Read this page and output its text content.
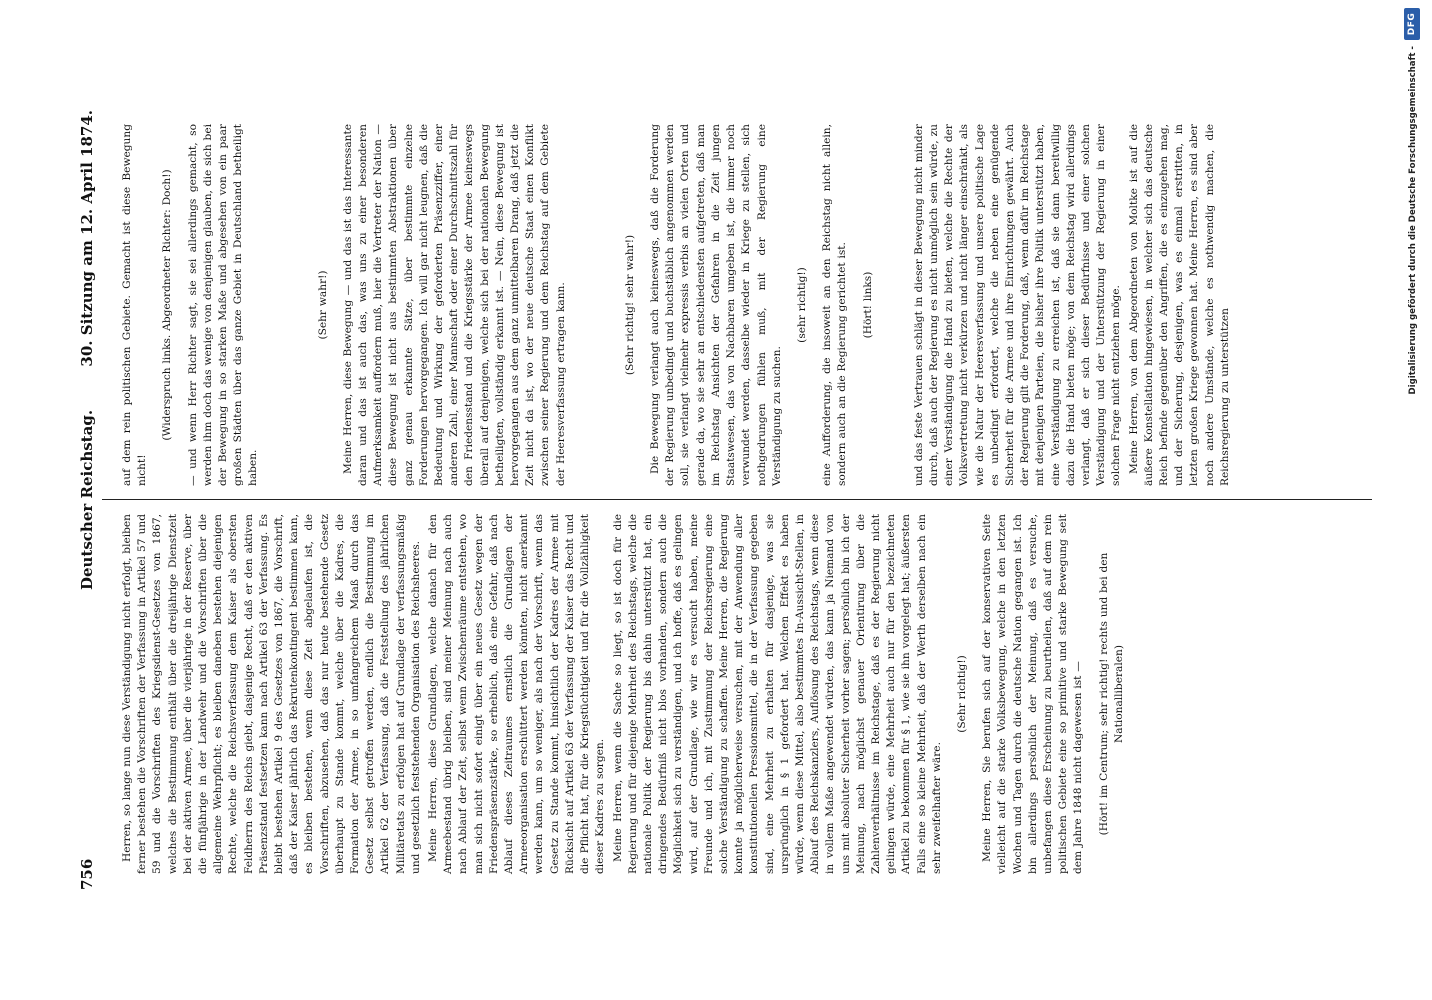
756
Deutscher Reichstag.
30. Sitzung am 12. April 1874.

Herren, so lange nun diese Verständigung nicht erfolgt, bleiben ferner bestehen die Vorschriften der Verfassung in Artikel 57 und 59 und die Vorschriften des Kriegsdienst-Gesetzes von 1867, welches die Bestimmung enthält über die dreijährige Dienstzeit bei der aktiven Armee, über die vierjährige in der Reserve, über die fünfjährige in der Landwehr und die Vorschriften über die allgemeine Wehrpflicht; es bleiben daneben bestehen diejenigen Rechte, welche die Reichsverfassung dem Kaiser als obersten Feldherrn des Reichs giebt, dasjenige Recht, daß er den aktiven Präsenzstand festsetzen kann nach Artikel 63 der Verfassung. Es bleibt bestehen Artikel 9 des Gesetzes von 1867, die Vorschrift, daß der Kaiser jährlich das Rekrutenkontingent bestimmen kann, es bleiben bestehen, wenn diese Zeit abgelaufen ist, die Vorschriften, abzusehen, daß das nur heute bestehende Gesetz überhaupt zu Stande kommt, welche über die Kadres, die Formation der Armee, in so umfangreichem Maaß durch das Gesetz selbst getroffen werden, endlich die Bestimmung im Artikel 62 der Verfassung, daß die Feststellung des jährlichen Militäretats zu erfolgen hat auf Grundlage der verfassungsmäßig und gesetzlich feststehenden Organisation des Reichsheeres. Meine Herren, diese Grundlagen, welche danach für den Armeebestand übrig bleiben, sind meiner Meinung nach auch nach Ablauf der Zeit, selbst wenn Zwischenräume entstehen, wo man sich nicht sofort einigt über ein neues Gesetz wegen der Friedenspräsenzstärke, so erheblich, daß eine Gefahr, daß nach Ablauf dieses Zeitraumes ernstlich die Grundlagen der Armeeorganisation erschüttert werden könnten, nicht anerkannt werden kann, um so weniger, als nach der Vorschrift, wenn das Gesetz zu Stande kommt, hinsichtlich der Kadres der Armee mit Rücksicht auf Artikel 63 der Verfassung der Kaiser das Recht und die Pflicht hat, für die Kriegstüchtigkeit und für die Vollzähligkeit dieser Kadres zu sorgen. Meine Herren, wenn die Sache so liegt, so ist doch für die Regierung und für diejenige Mehrheit des Reichstags, welche die nationale Politik der Regierung bis dahin unterstützt hat, ein dringendes Bedürfniß nicht blos vorhanden, sondern auch die Möglichkeit sich zu verständigen, und ich hoffe, daß es gelingen wird, auf der Grundlage, wie wir es versucht haben, meine Freunde und ich, mit Zustimmung der Reichsregierung eine solche Verständigung zu schaffen. Meine Herren, die Regierung konnte ja möglicherweise versuchen, mit der Anwendung aller konstitutionellen Pressionsmittel, die in der Verfassung gegeben sind, eine Mehrheit zu erhalten für dasjenige, was sie ursprünglich in § 1 gefordert hat. Welchen Effekt es haben würde, wenn diese Mittel, also bestimmtes In-Aussicht-Stellen, in Ablauf des Reichskanzlers, Auflösung des Reichstags, wenn diese in vollem Maße angewendet würden, das kann ja Niemand von uns mit absoluter Sicherheit vorher sagen; persönlich bin ich der Meinung, nach möglichst genauer Orientirung über die Zahlenverhältnisse im Reichstage, daß es der Regierung nicht gelingen würde, eine Mehrheit auch nur für den bezeichneten Artikel zu bekommen für § 1, wie sie ihn vorgelegt hat; äußersten Falls eine so kleine Mehrheit, daß der Werth derselben nach ein sehr zweifelhafter wäre.

(Sehr richtig!) Meine Herren, Sie berufen sich auf der konservativen Seite vielleicht auf die starke Volksbewegung, welche in den letzten Wochen und Tagen durch die deutsche Nation gegangen ist. Ich bin allerdings persönlich der Meinung, daß es versuche, unbefangen diese Erscheinung zu beurtheilen, daß auf dem rein politischen Gebiete eine so primitive und starke Bewegung seit dem Jahre 1848 nicht dagewesen ist — (Hört! im Centrum; sehr richtig! rechts und bei den Nationalliberalen)

auf dem rein politischen Gebiete. Gemacht ist diese Bewegung nicht!

(Widerspruch links. Abgeordneter Richter: Doch!) — und wenn Herr Richter sagt, sie sei allerdings gemacht, so werden ihm doch das wenige von denjenigen glauben, die sich bei der Bewegung in so starken Maße und abgesehen von ein paar großen Städten über das ganze Gebiet in Deutschland betheiligt haben.

(Sehr wahr!) Meine Herren, diese Bewegung — und das ist das Interessante daran und das ist auch das, was uns zu einer besonderen Aufmerksamkeit auffordern muß, hier die Vertreter der Nation — diese Bewegung ist nicht aus bestimmten Abstraktionen über ganz genau erkannte Sätze, über bestimmte einzelne Forderungen hervorgegangen. Ich will gar nicht leugnen, daß die Bedeutung und Wirkung der geforderten Präsenzziffer, einer anderen Zahl, einer Mannschaft oder einer Durchschnittszahl für den Friedensstand und die Kriegsstärke der Armee keineswegs überall auf denjenigen, welche sich bei der nationalen Bewegung betheiligten, vollständig erkannt ist. — Nein, diese Bewegung ist hervorgegangen aus dem ganz unmittelbaren Drang, daß jetzt die Zeit nicht da ist, wo der neue deutsche Staat einen Konflikt zwischen seiner Regierung und dem Reichstag auf dem Gebiete der Heeresverfassung ertragen kann.	(Sehr richtig! sehr wahr!) Die Bewegung verlangt auch keineswegs, daß die Forderung der Regierung unbedingt und buchstäblich angenommen werden soll, sie verlangt vielmehr expressis verbis an vielen Orten und gerade da, wo sie sehr an entschiedensten aufgetreten, daß man im Reichstag Ansichten der Gefahren in die Zeit jungen Staatswesen, das von Nachbaren umgeben ist, die immer noch verwundet werden, dasselbe wieder in Kriege zu stellen, sich nothgedrungen fühlen muß, mit der Regierung eine Verständigung zu suchen.

(sehr richtig!) eine Aufforderung, die insoweit an den Reichstag nicht allein, sondern auch an die Regierung gerichtet ist. (Hört! links)	und das feste Vertrauen schlägt in dieser Bewegung nicht minder durch, daß auch der Regierung es nicht unmöglich sein würde, zu einer Verständigung die Hand zu bieten, welche die Rechte der Volksvertretung nicht verkürzen und nicht länger einschränkt, als wie die Natur der Heeresverfassung und unsere politische Lage es unbedingt erfordert, welche die neben eine genügende Sicherheit für die Armee und ihre Einrichtungen gewährt. Auch der Regierung gilt die Forderung, daß, wenn dafür im Reichstage mit denjenigen Parteien, die bisher ihre Politik unterstützt haben, eine Verständigung zu erreichen ist, daß sie dann bereitwillig dazu die Hand bieten möge; von dem Reichstag wird allerdings verlangt, daß er sich dieser Bedürfnisse und einer solchen Verständigung und der Unterstützung der Regierung in einer solchen Frage nicht entziehen möge. Meine Herren, von dem Abgeordneten von Moltke ist auf die äußere Konstellation hingewiesen, in welcher sich das deutsche Reich befinde gegenüber den Angriffen, die es einzugehen mag, und der Sicherung, desjenigen, was es einmal erstritten, in letzten großen Kriege gewonnen hat. Meine Herren, es sind aber noch andere Umstände, welche es nothwendig machen, die Reichsregierung zu unterstützen

Digitalisierung gefördert durch die Deutsche Forschungsgemeinschaft -
DFG
